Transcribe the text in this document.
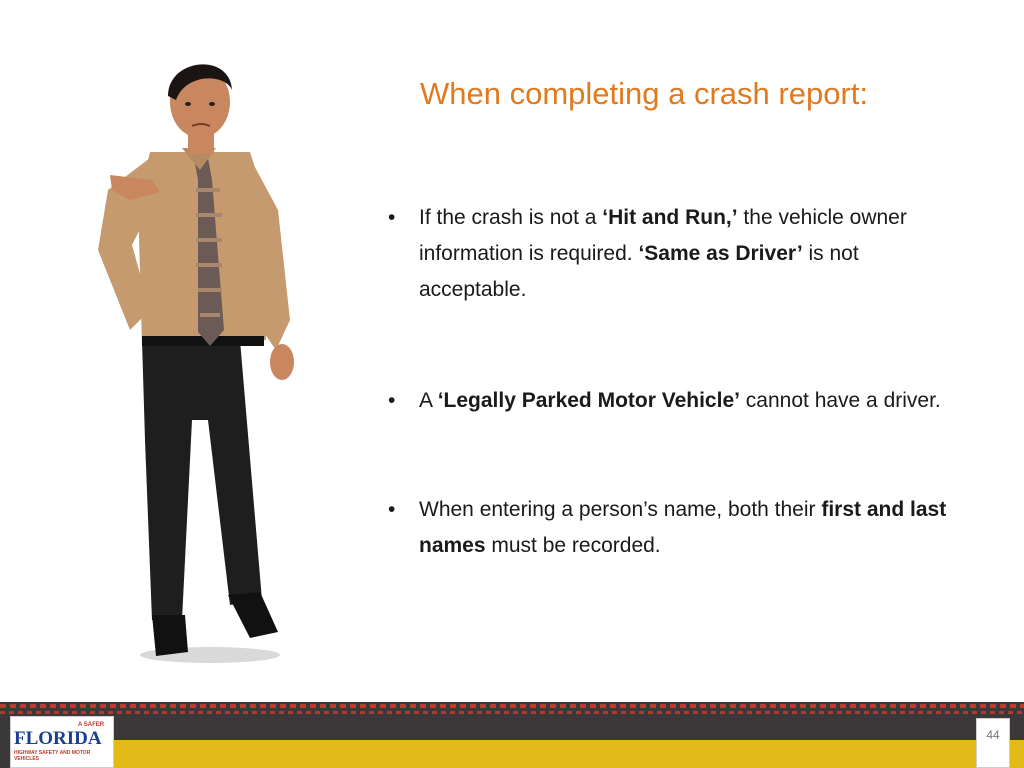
When completing a crash report:
• If the crash is not a ‘Hit and Run,’ the vehicle owner information is required. ‘Same as Driver’ is not acceptable.
• A ‘Legally Parked Motor Vehicle’ cannot have a driver.
• When entering a person’s name, both their first and last names must be recorded.
A SAFER
FLORIDA
HIGHWAY SAFETY AND MOTOR VEHICLES
44
